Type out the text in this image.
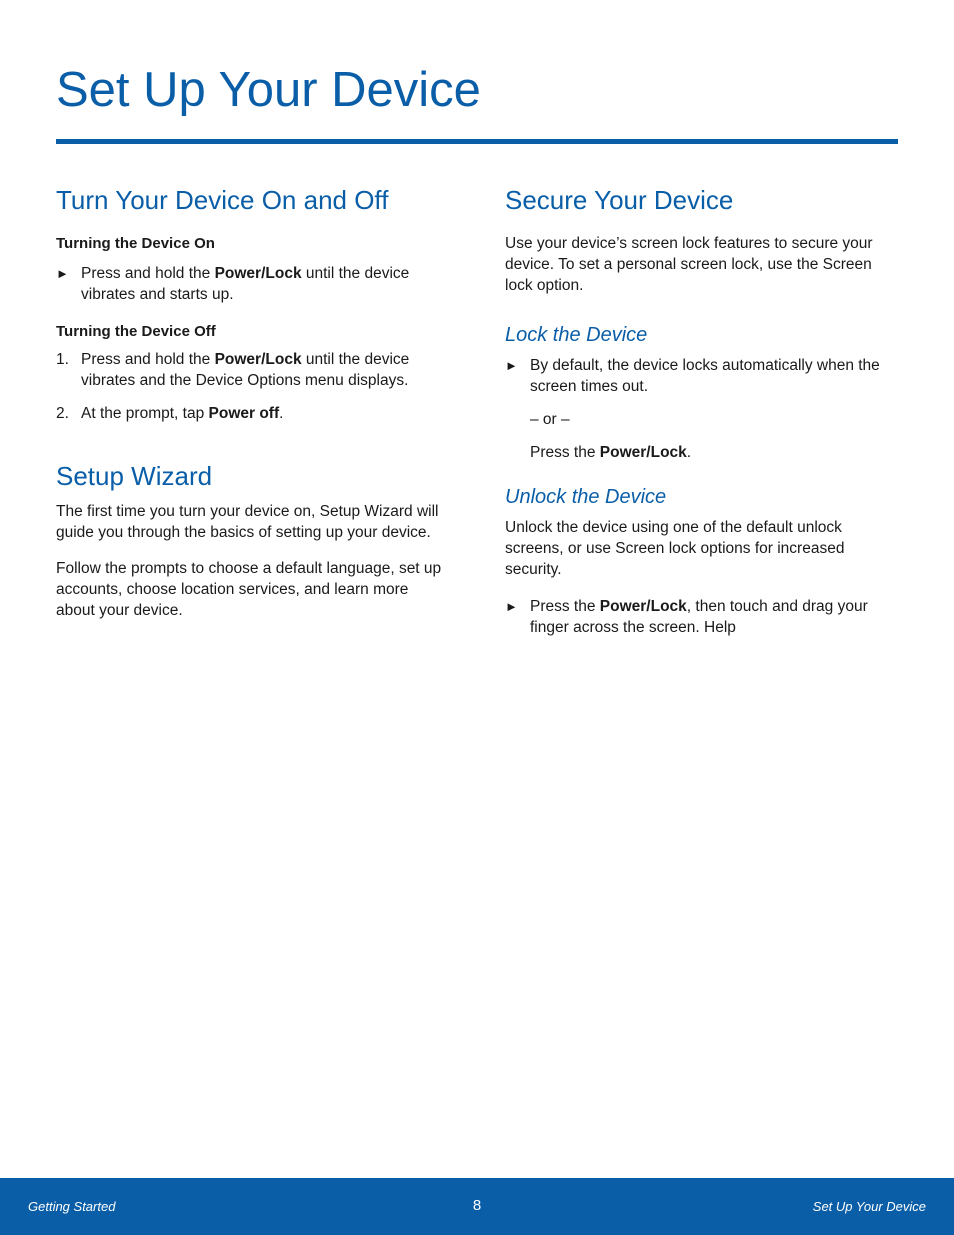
Set Up Your Device
Turn Your Device On and Off
Turning the Device On
► Press and hold the Power/Lock until the device vibrates and starts up.
Turning the Device Off
1. Press and hold the Power/Lock until the device vibrates and the Device Options menu displays.
2. At the prompt, tap Power off.
Setup Wizard

The first time you turn your device on, Setup Wizard will guide you through the basics of setting up your device.

Follow the prompts to choose a default language, set up accounts, choose location services, and learn more about your device.

Secure Your Device

Use your device’s screen lock features to secure your device. To set a personal screen lock, use the Screen lock option.

Lock the Device
► By default, the device locks automatically when the screen times out.

– or –

Press the Power/Lock.

Unlock the Device

Unlock the device using one of the default unlock screens, or use Screen lock options for increased security.

► Press the Power/Lock, then touch and drag your finger across the screen. Help
Getting Started	8	Set Up Your Device
